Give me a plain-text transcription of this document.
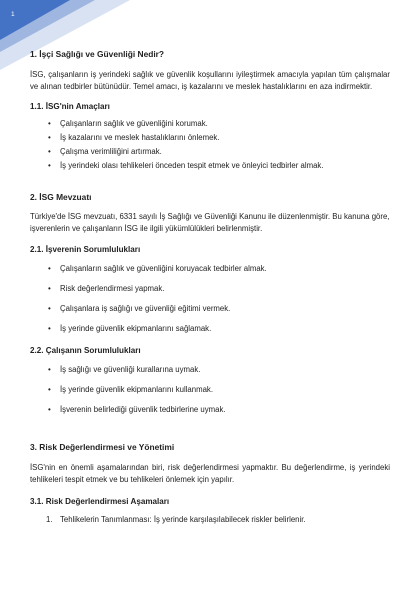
1
1. İşçi Sağlığı ve Güvenliği Nedir?

İSG, çalışanların iş yerindeki sağlık ve güvenlik koşullarını iyileştirmek amacıyla yapılan tüm çalışmalar ve alınan tedbirler bütünüdür. Temel amacı, iş kazalarını ve meslek hastalıklarını en aza indirmektir.

1.1. İSG'nin Amaçları
• Çalışanların sağlık ve güvenliğini korumak.
• İş kazalarını ve meslek hastalıklarını önlemek.
• Çalışma verimliliğini artırmak.
• İş yerindeki olası tehlikeleri önceden tespit etmek ve önleyici tedbirler almak.
2. İSG Mevzuatı

Türkiye'de İSG mevzuatı, 6331 sayılı İş Sağlığı ve Güvenliği Kanunu ile düzenlenmiştir. Bu kanuna göre, işverenlerin ve çalışanların İSG ile ilgili yükümlülükleri belirlenmiştir.

2.1. İşverenin Sorumlulukları
• Çalışanların sağlık ve güvenliğini koruyacak tedbirler almak.
• Risk değerlendirmesi yapmak.
• Çalışanlara iş sağlığı ve güvenliği eğitimi vermek.
• İş yerinde güvenlik ekipmanlarını sağlamak.
2.2. Çalışanın Sorumlulukları
• İş sağlığı ve güvenliği kurallarına uymak.
• İş yerinde güvenlik ekipmanlarını kullanmak.
• İşverenin belirlediği güvenlik tedbirlerine uymak.
3. Risk Değerlendirmesi ve Yönetimi

İSG'nin en önemli aşamalarından biri, risk değerlendirmesi yapmaktır. Bu değerlendirme, iş yerindeki tehlikeleri tespit etmek ve bu tehlikeleri önlemek için yapılır.

3.1. Risk Değerlendirmesi Aşamaları
1. Tehlikelerin Tanımlanması: İş yerinde karşılaşılabilecek riskler belirlenir.
